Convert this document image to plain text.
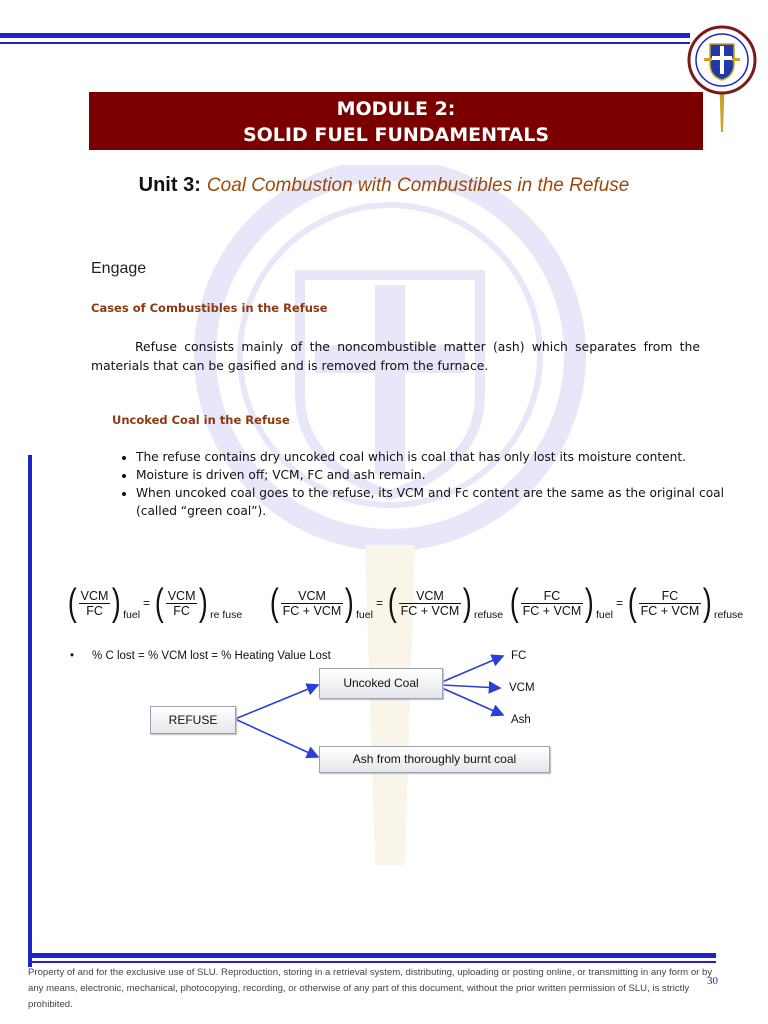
MODULE 2:
SOLID FUEL FUNDAMENTALS
Unit 3: Coal Combustion with Combustibles in the Refuse
Engage
Cases of Combustibles in the Refuse

Refuse consists mainly of the noncombustible matter (ash) which separates from the materials that can be gasified and is removed from the furnace.

Uncoked Coal in the Refuse
• The refuse contains dry uncoked coal which is coal that has only lost its moisture content.
• Moisture is driven off; VCM, FC and ash remain.
• When uncoked coal goes to the refuse, its VCM and Fc content are the same as the original coal (called “green coal”).
( $\frac{\text{VCM}}{FC}$ ) fuel
= ( $\frac{\text{VCM}}{FC}$ ) re fuse ( $\frac{\text{VCM}}{\text{FC + VCM}}$ ) fuel
= ( $\frac{\text{VCM}}{\text{FC + VCM}}$ ) refuse ( $\frac{FC}{\text{FC + VCM}}$ ) fuel
= ( $\frac{FC}{\text{FC + VCM}}$ ) refuse
• % C lost = % VCM lost = % Heating Value Lost
REFUSE
Uncoked Coal
Ash from thoroughly burnt coal
FC
VCM
Ash
Property of and for the exclusive use of SLU. Reproduction, storing in a retrieval system, distributing, uploading or posting online, or transmitting in any form or by any means, electronic, mechanical, photocopying, recording, or otherwise of any part of this document, without the prior written permission of SLU, is strictly prohibited.
30
